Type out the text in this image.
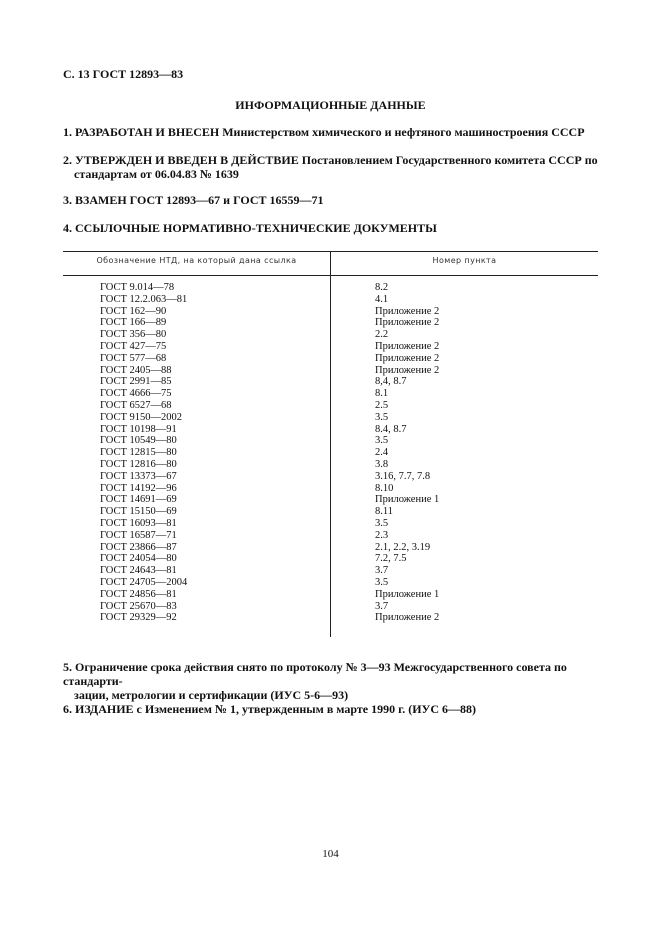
С. 13 ГОСТ 12893—83
ИНФОРМАЦИОННЫЕ ДАННЫЕ
1. РАЗРАБОТАН И ВНЕСЕН Министерством химического и нефтяного машиностроения СССР
2. УТВЕРЖДЕН И ВВЕДЕН В ДЕЙСТВИЕ Постановлением Государственного комитета СССР по
стандартам от 06.04.83 № 1639
3. ВЗАМЕН ГОСТ 12893—67 и ГОСТ 16559—71
4. ССЫЛОЧНЫЕ НОРМАТИВНО-ТЕХНИЧЕСКИЕ ДОКУМЕНТЫ
Обозначение НТД, на который дана ссылка	Номер пункта
ГОСТ 9.014—78
ГОСТ 12.2.063—81
ГОСТ 162—90
ГОСТ 166—89
ГОСТ 356—80
ГОСТ 427—75
ГОСТ 577—68
ГОСТ 2405—88
ГОСТ 2991—85
ГОСТ 4666—75
ГОСТ 6527—68
ГОСТ 9150—2002
ГОСТ 10198—91
ГОСТ 10549—80
ГОСТ 12815—80
ГОСТ 12816—80
ГОСТ 13373—67
ГОСТ 14192—96
ГОСТ 14691—69
ГОСТ 15150—69
ГОСТ 16093—81
ГОСТ 16587—71
ГОСТ 23866—87
ГОСТ 24054—80
ГОСТ 24643—81
ГОСТ 24705—2004
ГОСТ 24856—81
ГОСТ 25670—83
ГОСТ 29329—92
8.2
4.1
Приложение 2
Приложение 2
2.2
Приложение 2
Приложение 2
Приложение 2
8,4, 8.7
8.1
2.5
3.5
8.4, 8.7
3.5
2.4
3.8
3.16, 7.7, 7.8
8.10
Приложение 1
8.11
3.5
2.3
2.1, 2.2, 3.19
7.2, 7.5
3.7
3.5
Приложение 1
3.7
Приложение 2
5. Ограничение срока действия снято по протоколу № 3—93 Межгосударственного совета по стандарти-
зации, метрологии и сертификации (ИУС 5-6—93)
6. ИЗДАНИЕ с Изменением № 1, утвержденным в марте 1990 г. (ИУС 6—88)
104
